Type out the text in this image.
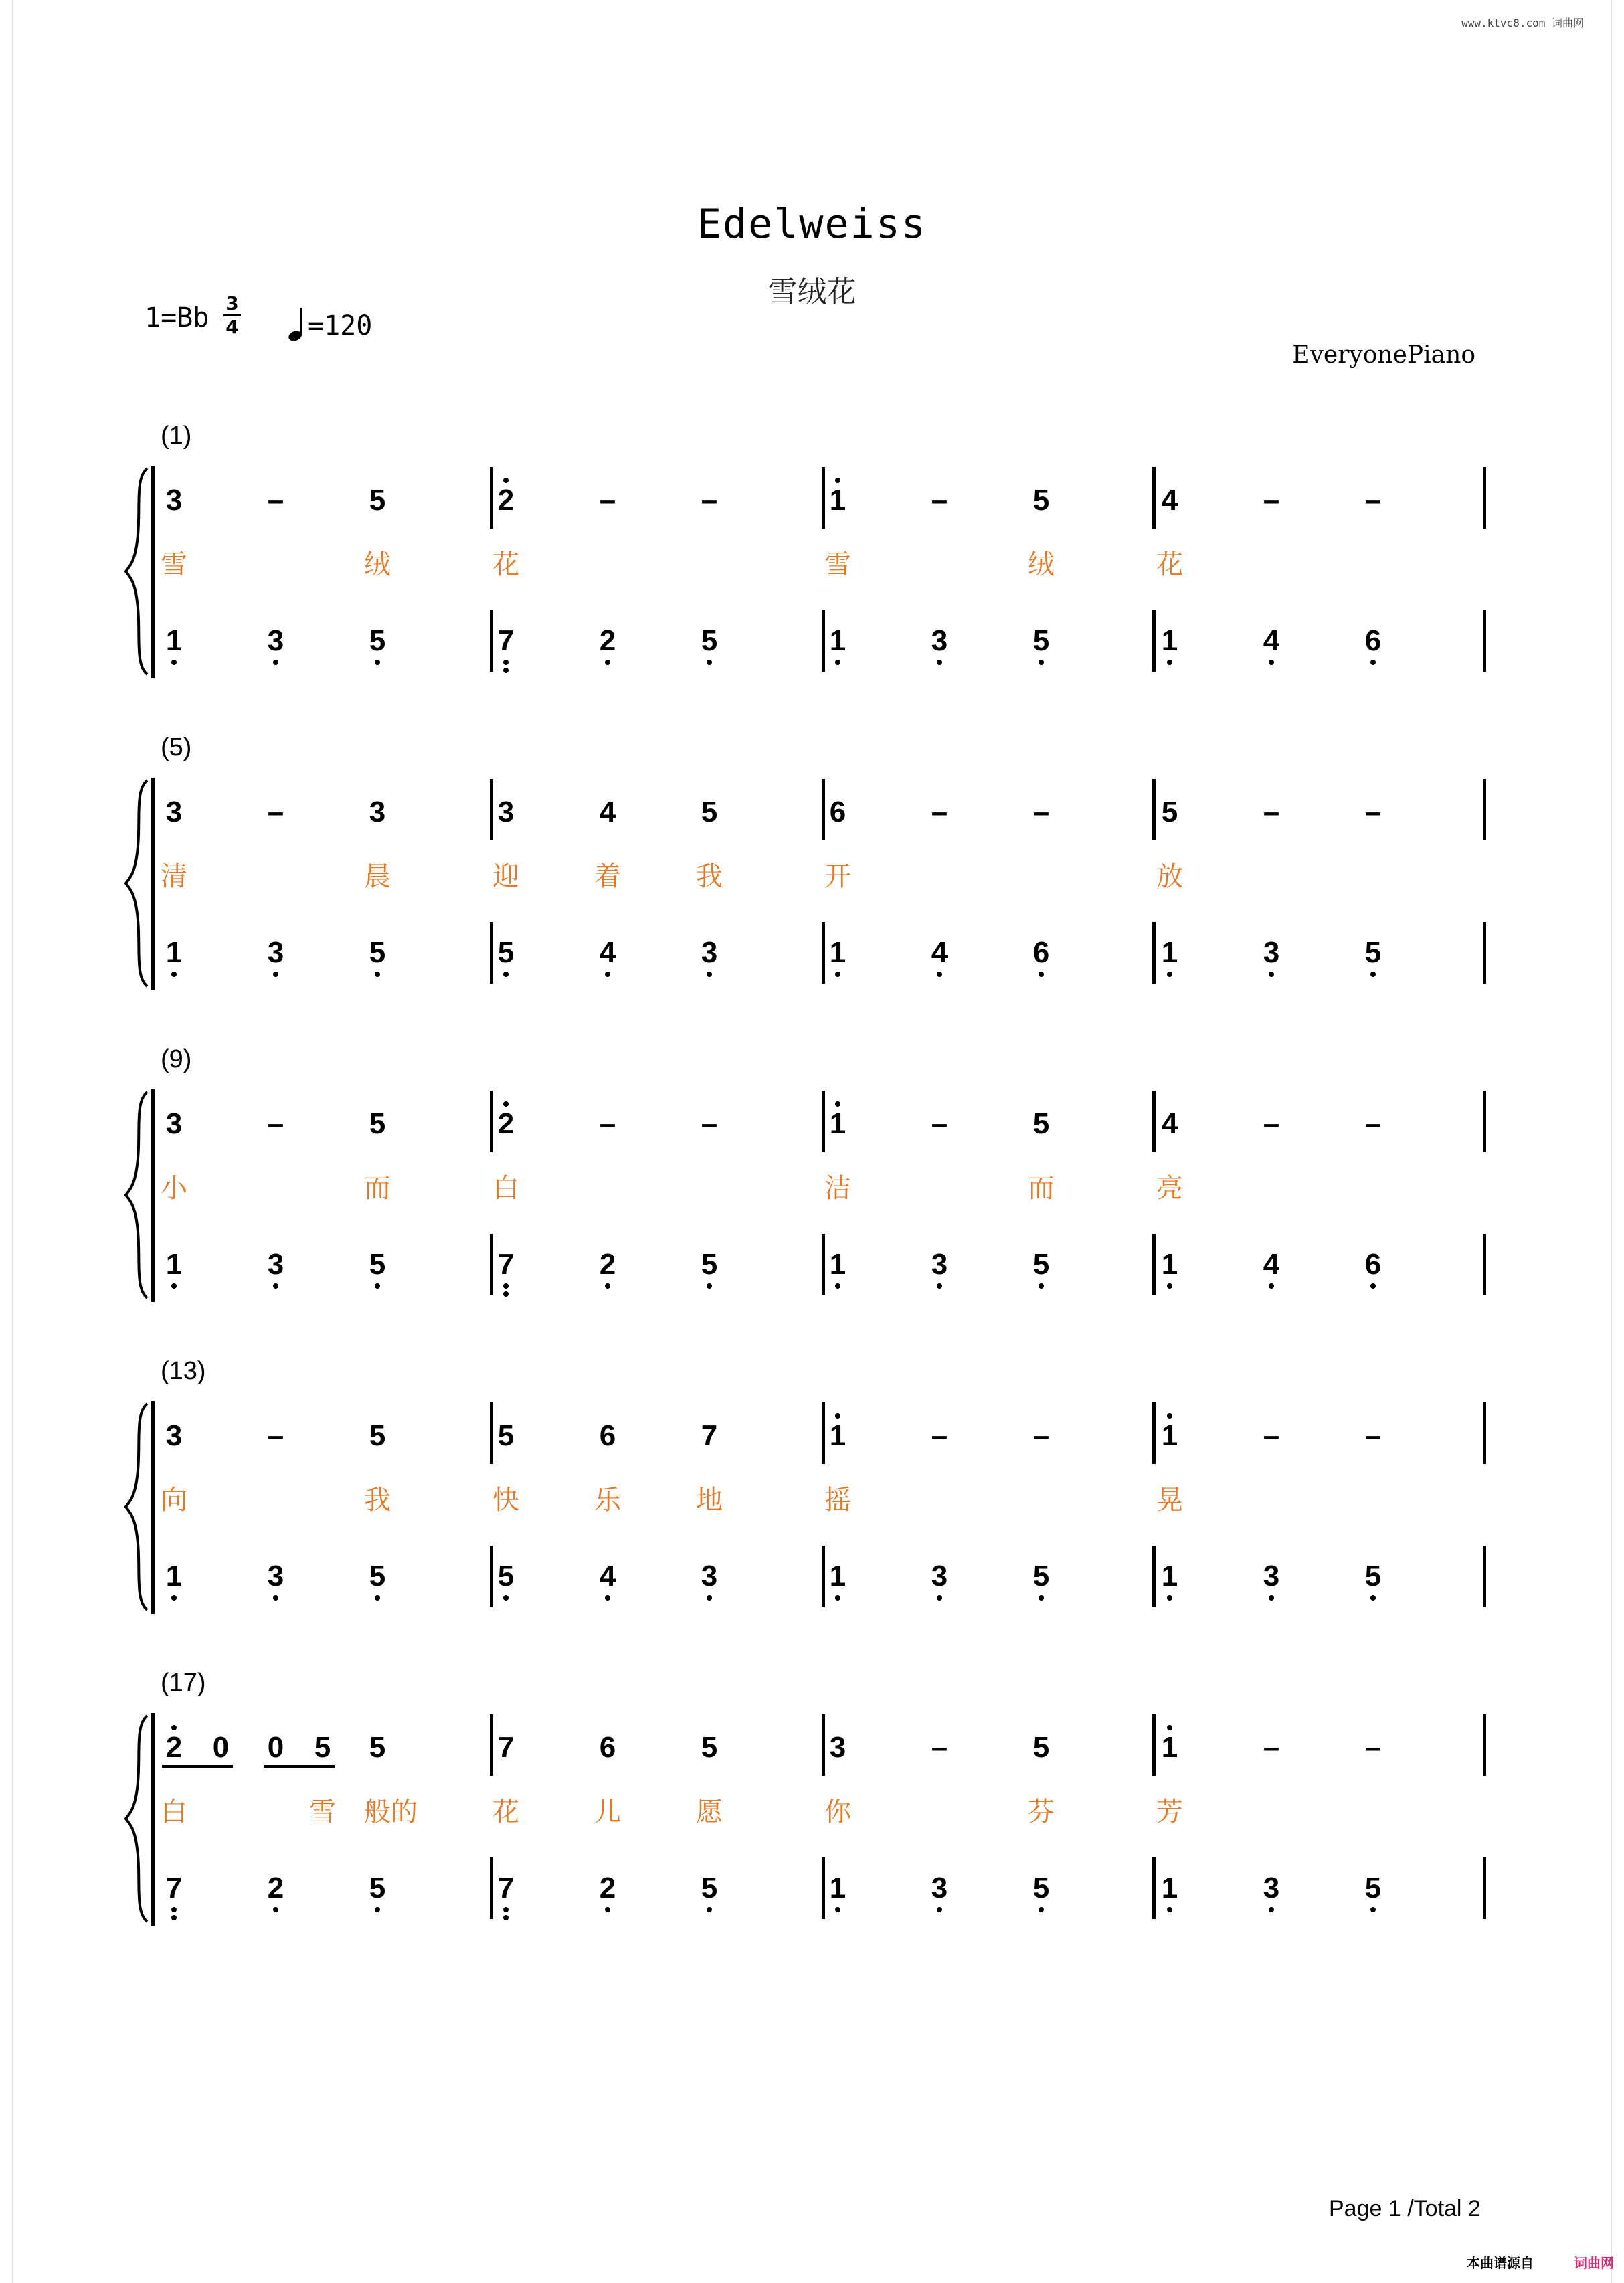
www.ktvc8.com 词曲网
Edelweiss
雪绒花
1=Bb 3
4	=120
EveryonePiano
(1)
3	–	5	2	–	–	1	–	5	4	–	–
雪	绒	花	雪	绒	花
1	3	5	7	2	5	1	3	5	1	4	6
(5)
3	–	3	3	4	5	6	–	–	5	–	–
清	晨	迎	着	我	开	放
1	3	5	5	4	3	1	4	6	1	3	5
(9)
3	–	5	2	–	–	1	–	5	4	–	–
小	而	白	洁	而	亮
1	3	5	7	2	5	1	3	5	1	4	6
(13)
3	–	5	5	6	7	1	–	–	1	–	–
向	我	快	乐	地	摇	晃
1	3	5	5	4	3	1	3	5	1	3	5
(17)
2	0	0	5	5	7	6	5	3	–	5	1	–	–
白	雪	般的	花	儿	愿	你	芬	芳
7	2	5	7	2	5	1	3	5	1	3	5
Page 1 /Total 2
本曲谱源自	词曲网
